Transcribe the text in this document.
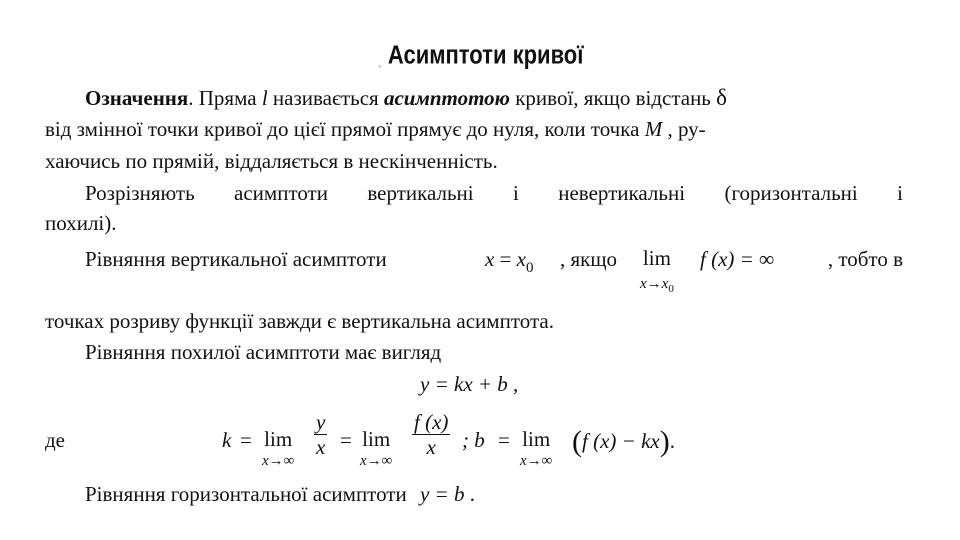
ˎ Асимптоти кривої
Означення. Пряма l називається асимптотою кривої, якщо відстань δ
від змінної точки кривої до цієї прямої прямує до нуля, коли точка M , ру-
хаючись по прямій, віддаляється в нескінченність.
Розрізняють асимптоти вертикальні і невертикальні (горизонтальні і
похилі).
Рівняння вертикальної асимптоти	$x = x_0$ , якщо lim
$x\to x_0$
f (x) = ∞	, тобто в
точках розриву функції завжди є вертикальна асимптота.
Рівняння похилої асимптоти має вигляд
y = kx + b ,
де	k = lim
x→∞
$\frac{y}{x} = \lim$
x→∞
$\frac{f (x)}{x}$ ; b = lim
x→∞
(f (x) − kx).
Рівняння горизонтальної асимптоти y = b .
